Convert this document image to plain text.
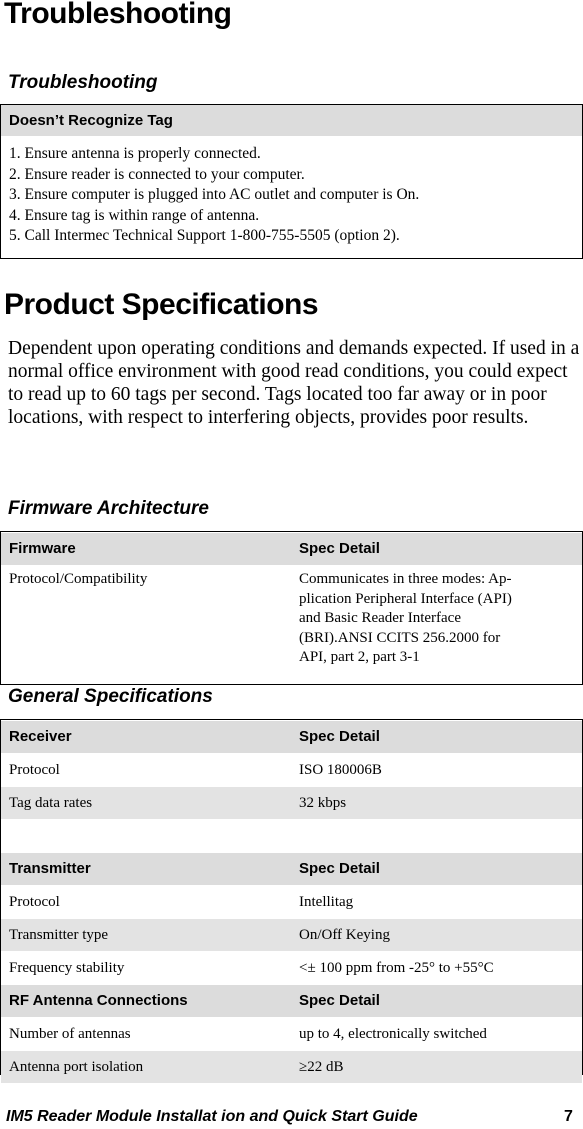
Troubleshooting
Troubleshooting
Doesn’t Recognize Tag
1. Ensure antenna is properly connected.
2. Ensure reader is connected to your computer.
3. Ensure computer is plugged into AC outlet and computer is On.
4. Ensure tag is within range of antenna.
5. Call Intermec Technical Support 1-800-755-5505 (option 2).
Product Specifications
Dependent upon operating conditions and demands expected. If used in a normal office environment with good read conditions, you could expect to read up to 60 tags per second. Tags located too far away or in poor locations, with respect to interfering objects, provides poor results.
Firmware Architecture
Firmware	Spec Detail
Protocol/Compatibility	Communicates in three modes: Ap-
plication Peripheral Interface (API)
and Basic Reader Interface
(BRI).ANSI CCITS 256.2000 for
API, part 2, part 3-1
General Specifications
Receiver	Spec Detail
Protocol	ISO 180006B
Tag data rates	32 kbps
Transmitter	Spec Detail
Protocol	Intellitag
Transmitter type	On/Off Keying
Frequency stability	<± 100 ppm from -25° to +55°C
RF Antenna Connections	Spec Detail
Number of antennas	up to 4, electronically switched
Antenna port isolation	≥22 dB
IM5 Reader Module Installat ion and Quick Start Guide	7
